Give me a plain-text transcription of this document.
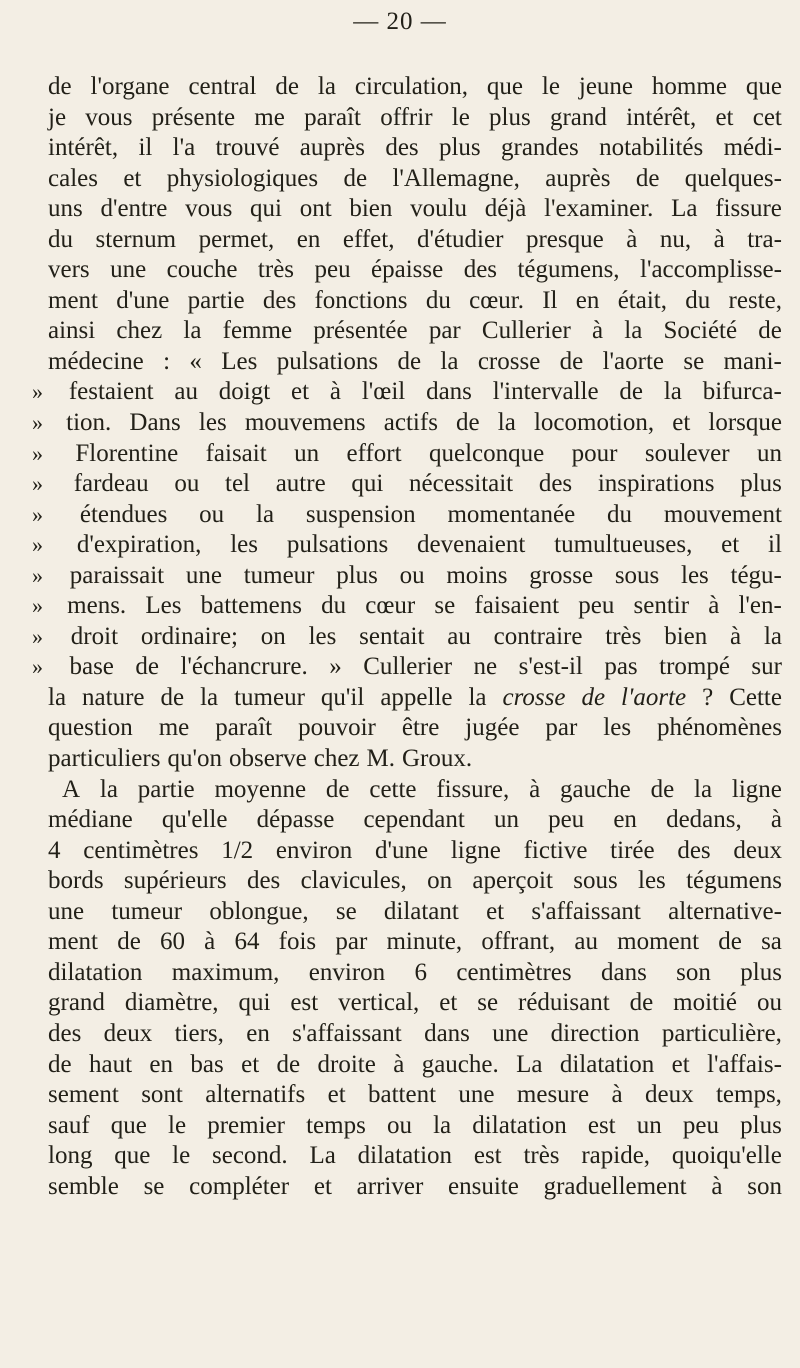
— 20 —
de l'organe central de la circulation, que le jeune homme que
je vous présente me paraît offrir le plus grand intérêt, et cet
intérêt, il l'a trouvé auprès des plus grandes notabilités médi-
cales et physiologiques de l'Allemagne, auprès de quelques-
uns d'entre vous qui ont bien voulu déjà l'examiner. La fissure
du sternum permet, en effet, d'étudier presque à nu, à tra-
vers une couche très peu épaisse des tégumens, l'accomplisse-
ment d'une partie des fonctions du cœur. Il en était, du reste,
ainsi chez la femme présentée par Cullerier à la Société de
médecine : « Les pulsations de la crosse de l'aorte se mani-
» festaient au doigt et à l'œil dans l'intervalle de la bifurca-
» tion. Dans les mouvemens actifs de la locomotion, et lorsque
» Florentine faisait un effort quelconque pour soulever un
» fardeau ou tel autre qui nécessitait des inspirations plus
» étendues ou la suspension momentanée du mouvement
» d'expiration, les pulsations devenaient tumultueuses, et il
» paraissait une tumeur plus ou moins grosse sous les tégu-
» mens. Les battemens du cœur se faisaient peu sentir à l'en-
» droit ordinaire; on les sentait au contraire très bien à la
» base de l'échancrure. » Cullerier ne s'est-il pas trompé sur
la nature de la tumeur qu'il appelle la crosse de l'aorte ? Cette
question me paraît pouvoir être jugée par les phénomènes
particuliers qu'on observe chez M. Groux.
A la partie moyenne de cette fissure, à gauche de la ligne
médiane qu'elle dépasse cependant un peu en dedans, à
4 centimètres 1/2 environ d'une ligne fictive tirée des deux
bords supérieurs des clavicules, on aperçoit sous les tégumens
une tumeur oblongue, se dilatant et s'affaissant alternative-
ment de 60 à 64 fois par minute, offrant, au moment de sa
dilatation maximum, environ 6 centimètres dans son plus
grand diamètre, qui est vertical, et se réduisant de moitié ou
des deux tiers, en s'affaissant dans une direction particulière,
de haut en bas et de droite à gauche. La dilatation et l'affais-
sement sont alternatifs et battent une mesure à deux temps,
sauf que le premier temps ou la dilatation est un peu plus
long que le second. La dilatation est très rapide, quoiqu'elle
semble se compléter et arriver ensuite graduellement à son
